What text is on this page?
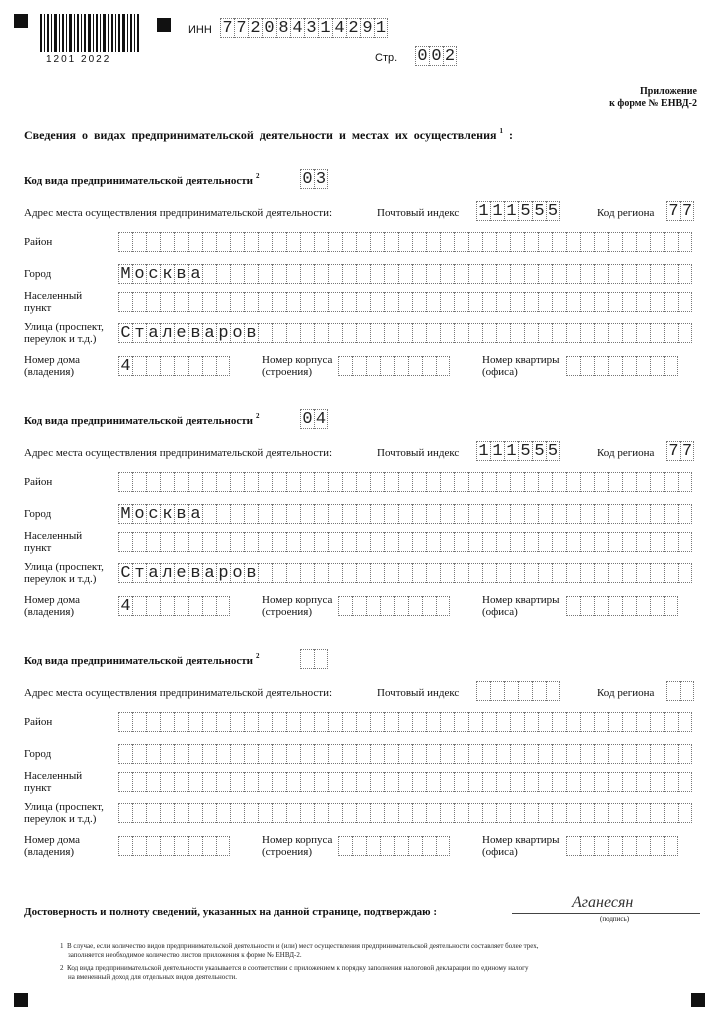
1201 2022
ИНН 7 7 2 0 8 4 3 1 4 2 9 1
Стр. 0 0 2
Приложение
к форме № ЕНВД-2
Сведения о видах предпринимательской деятельности и местах их осуществления $^1$ :
Код вида предпринимательской деятельности $^2$	0 3
Адрес места осуществления предпринимательской деятельности:	Почтовый индекс 1 1 1 5 5 5	Код региона 7 7
Район
Город	М о с к в а
Населенный
пункт
Улица (проспект,
переулок и т.д.) С т а л е в а р о в
Номер дома
(владения)	4	Номер корпуса
(строения)
Номер квартиры
(офиса)
Код вида предпринимательской деятельности $^2$	0 4
Адрес места осуществления предпринимательской деятельности:	Почтовый индекс 1 1 1 5 5 5	Код региона 7 7
Район
Город	М о с к в а
Населенный
пункт
Улица (проспект,
переулок и т.д.) С т а л е в а р о в
Номер дома
(владения)	4	Номер корпуса
(строения)
Номер квартиры
(офиса)
Код вида предпринимательской деятельности $^2$
Адрес места осуществления предпринимательской деятельности:	Почтовый индекс	Код региона
Район
Город
Населенный
пункт
Улица (проспект,
переулок и т.д.)
Номер дома
(владения)
Номер корпуса
(строения)
Номер квартиры
(офиса)
Достоверность и полноту сведений, указанных на данной странице, подтверждаю :
Аганесян
(подпись)
1 В случае, если количество видов предпринимательской деятельности и (или) мест осуществления предпринимательской деятельности составляет более трех,
заполняется необходимое количество листов приложения к форме № ЕНВД-2.
2 Код вида предпринимательской деятельности указывается в соответствии с приложением к порядку заполнения налоговой декларации по единому налогу
на вмененный доход для отдельных видов деятельности.
